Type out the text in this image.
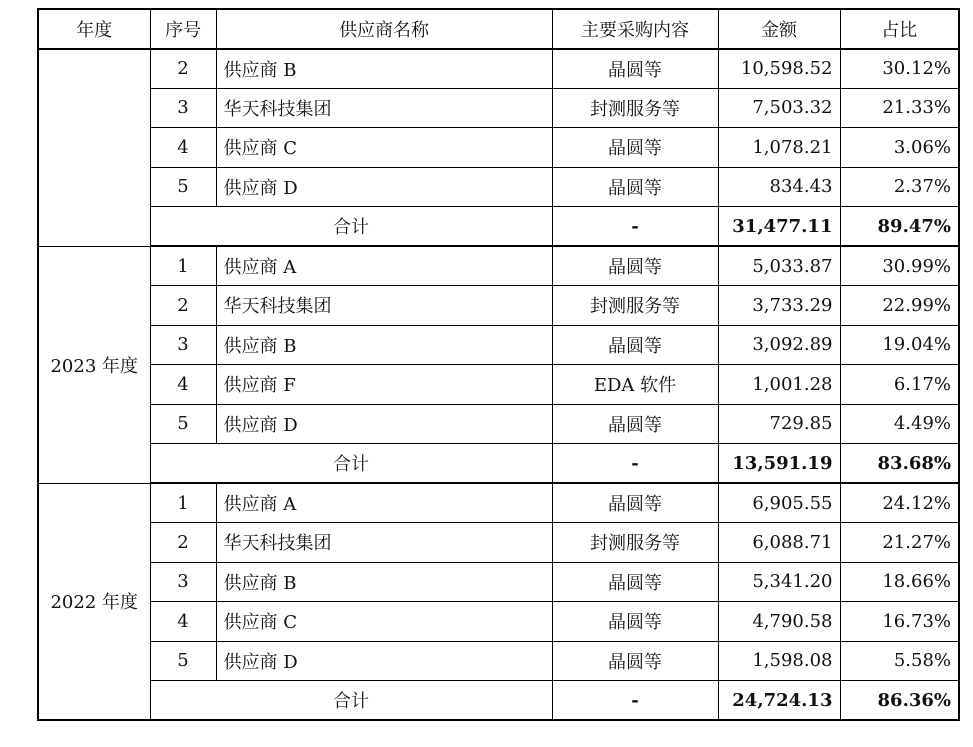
年度	序号	供应商名称	主要采购内容	金额	占比
	2	供应商 B	晶圆等	10,598.52	30.12%
	3	华天科技集团	封测服务等	7,503.32	21.33%
	4	供应商 C	晶圆等	1,078.21	3.06%
	5	供应商 D	晶圆等	834.43	2.37%
	合计		-	31,477.11	89.47%
2023 年度	1	供应商 A	晶圆等	5,033.87	30.99%
	2	华天科技集团	封测服务等	3,733.29	22.99%
	3	供应商 B	晶圆等	3,092.89	19.04%
	4	供应商 F	EDA 软件	1,001.28	6.17%
	5	供应商 D	晶圆等	729.85	4.49%
	合计		-	13,591.19	83.68%
2022 年度	1	供应商 A	晶圆等	6,905.55	24.12%
	2	华天科技集团	封测服务等	6,088.71	21.27%
	3	供应商 B	晶圆等	5,341.20	18.66%
	4	供应商 C	晶圆等	4,790.58	16.73%
	5	供应商 D	晶圆等	1,598.08	5.58%
	合计		-	24,724.13	86.36%
